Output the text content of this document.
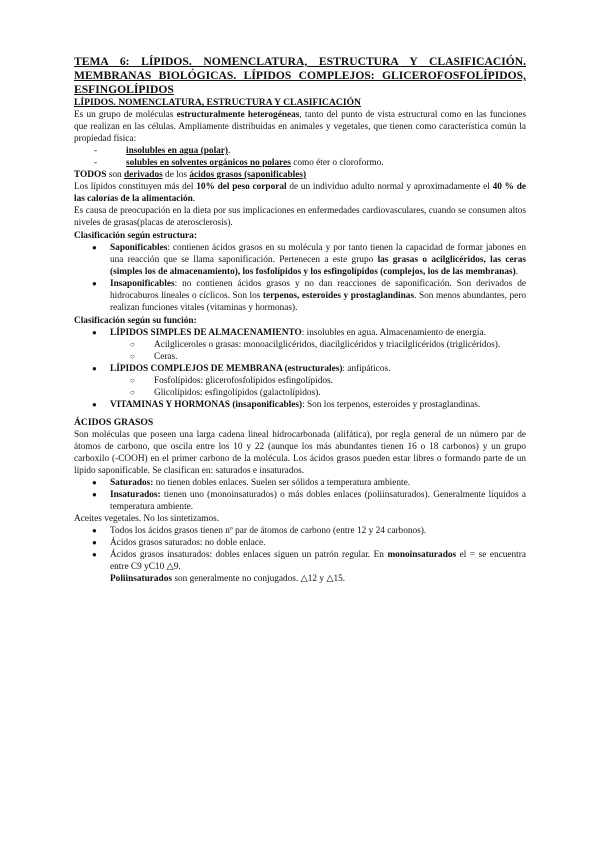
TEMA 6: LÍPIDOS. NOMENCLATURA, ESTRUCTURA Y CLASIFICACIÓN. MEMBRANAS BIOLÓGICAS. LÍPIDOS COMPLEJOS: GLICEROFOSFOLÍPIDOS, ESFINGOLÍPIDOS
LÍPIDOS. NOMENCLATURA, ESTRUCTURA Y CLASIFICACIÓN

Es un grupo de moléculas estructuralmente heterogéneas, tanto del punto de vista estructural como en las funciones que realizan en las células. Ampliamente distribuidas en animales y vegetales, que tienen como característica común la propiedad física:

- insolubles en agua (polar).
- solubles en solventes orgánicos no polares como éter o cloroformo.

TODOS son derivados de los ácidos grasos (saponificables)

Los lípidos constituyen más del 10% del peso corporal de un individuo adulto normal y aproximadamente el 40 % de las calorías de la alimentación.

Es causa de preocupación en la dieta por sus implicaciones en enfermedades cardiovasculares, cuando se consumen altos niveles de grasas(placas de aterosclerosis).

Clasificación según estructura:
● Saponificables: contienen ácidos grasos en su molécula y por tanto tienen la capacidad de formar jabones en una reacción que se llama saponificación. Pertenecen a este grupo las grasas o acilglicéridos, las ceras (simples los de almacenamiento), los fosfolípidos y los esfingolípidos (complejos, los de las membranas).
● Insaponificables: no contienen ácidos grasos y no dan reacciones de saponificación. Son derivados de hidrocaburos lineales o cíclicos. Son los terpenos, esteroides y prostaglandinas. Son menos abundantes, pero realizan funciones vitales (vitaminas y hormonas).
Clasificación según su función:
● LÍPIDOS SIMPLES DE ALMACENAMIENTO: insolubles en agua. Almacenamiento de energía.
○ Acilgliceroles o grasas: monoacilglicéridos, diacilglicéridos y triacilglicéridos (triglicéridos).
○ Ceras.
● LÍPIDOS COMPLEJOS DE MEMBRANA (estructurales): anfipáticos.
○ Fosfolípidos: glicerofosfolípidos esfingolípidos.
○ Glicolípidos: esfingolípidos (galactolípidos).
● VITAMINAS Y HORMONAS (insaponificables): Son los terpenos, esteroides y prostaglandinas.
ÁCIDOS GRASOS

Son moléculas que poseen una larga cadena lineal hidrocarbonada (alifática), por regla general de un número par de átomos de carbono, que oscila entre los 10 y 22 (aunque los más abundantes tienen 16 o 18 carbonos) y un grupo carboxilo (-COOH) en el primer carbono de la molécula. Los ácidos grasos pueden estar libres o formando parte de un lípido saponificable. Se clasifican en: saturados e insaturados.

● Saturados: no tienen dobles enlaces. Suelen ser sólidos a temperatura ambiente.
● Insaturados: tienen uno (monoinsaturados) o más dobles enlaces (poliinsaturados). Generalmente líquidos a temperatura ambiente.

Aceites vegetales. No los sintetizamos.

● Todos los ácidos grasos tienen nº par de átomos de carbono (entre 12 y 24 carbonos).
● Ácidos grasos saturados: no doble enlace.
● Ácidos grasos insaturados: dobles enlaces siguen un patrón regular. En monoinsaturados el = se encuentra entre C9 yC10 △9.

Poliinsaturados son generalmente no conjugados. △12 y △15.
